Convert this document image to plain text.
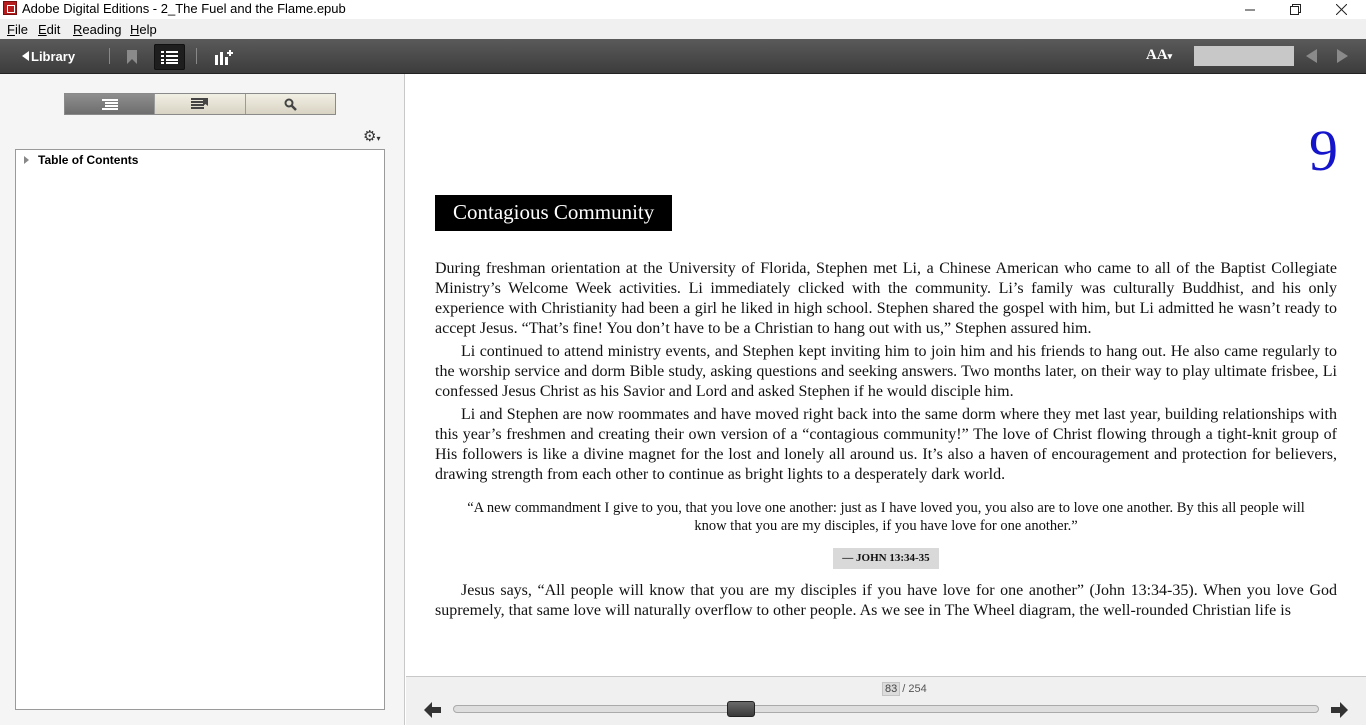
Adobe Digital Editions - 2_The Fuel and the Flame.epub
File Edit Reading Help
Library	AA▾
⚙▾
Table of Contents	9
Contagious Community

During freshman orientation at the University of Florida, Stephen met Li, a Chinese American who came to all of the Baptist Collegiate Ministry’s Welcome Week activities. Li immediately clicked with the community. Li’s family was culturally Buddhist, and his only experience with Christianity had been a girl he liked in high school. Stephen shared the gospel with him, but Li admitted he wasn’t ready to accept Jesus. “That’s fine! You don’t have to be a Christian to hang out with us,” Stephen assured him.

Li continued to attend ministry events, and Stephen kept inviting him to join him and his friends to hang out. He also came regularly to the worship service and dorm Bible study, asking questions and seeking answers. Two months later, on their way to play ultimate frisbee, Li confessed Jesus Christ as his Savior and Lord and asked Stephen if he would disciple him.

Li and Stephen are now roommates and have moved right back into the same dorm where they met last year, building relationships with this year’s freshmen and creating their own version of a “contagious community!” The love of Christ flowing through a tight-knit group of His followers is like a divine magnet for the lost and lonely all around us. It’s also a haven of encouragement and protection for believers, drawing strength from each other to continue as bright lights to a desperately dark world.

“A new commandment I give to you, that you love one another: just as I have loved you, you also are to love one another. By this all people will know that you are my disciples, if you have love for one another.”
— JOHN 13:34-35

Jesus says, “All people will know that you are my disciples if you have love for one another” (John 13:34-35). When you love God supremely, that same love will naturally overflow to other people. As we see in The Wheel diagram, the well-rounded Christian life is

83 / 254
